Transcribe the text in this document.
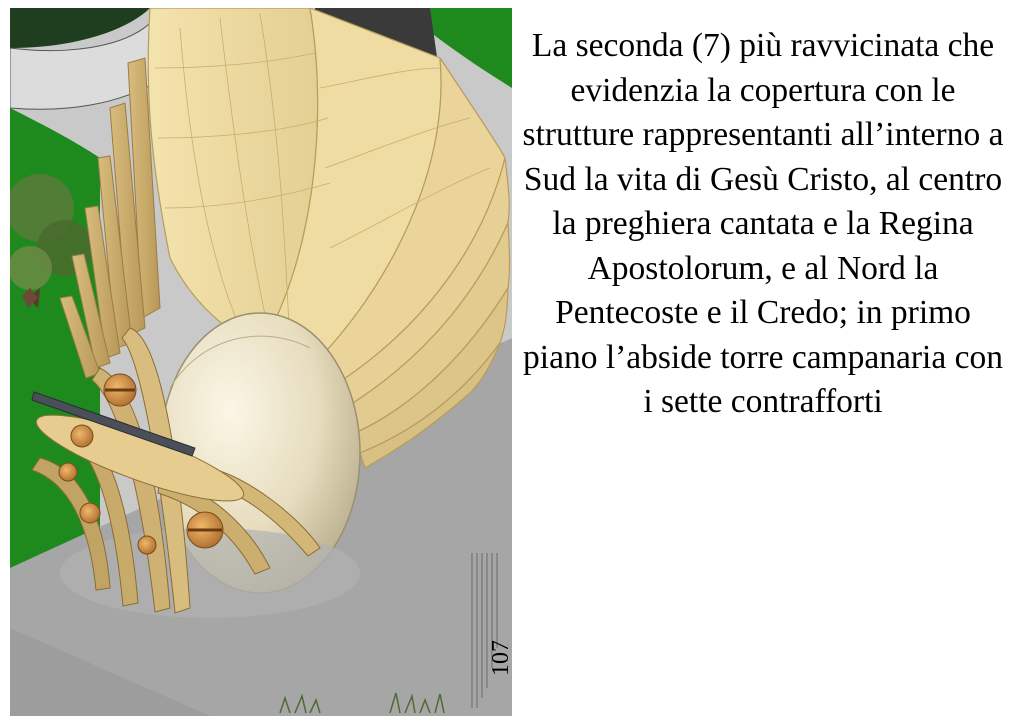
107

La seconda (7) più ravvicinata che evidenzia la copertura con le strutture rappresentanti all’interno a Sud la vita di Gesù Cristo, al centro la preghiera cantata e la Regina Apostolorum, e al Nord la Pentecoste e il Credo; in primo piano l’abside torre campanaria con i sette contrafforti
